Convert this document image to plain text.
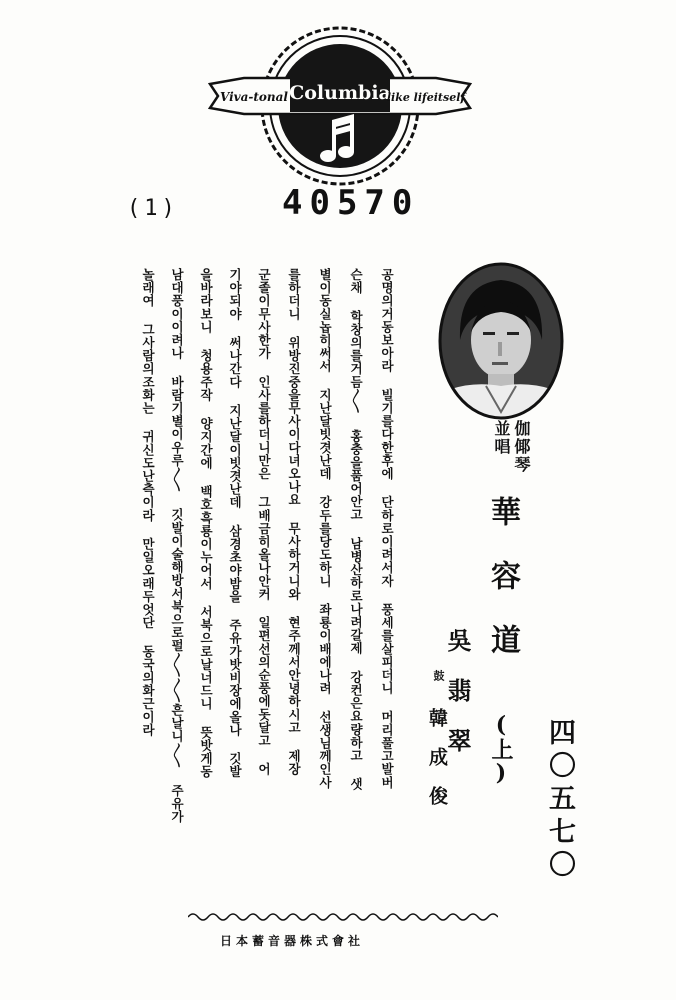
Columbia
Viva-tonal	like lifeitself
(1)	40570
공명의거동보아라 빌기를다한후에 단하로이려서자 풍세를살피더니 머리풀고발버
슨채 학창의를거듬〳〵 홍충을품어안고 남병산하로나려갈제 강컨은요량하고 샛
별이동실놉히써서 지난달빗겻난데 강두를당도하니 좌룡이배에나려 선생님께인사
를하더니 위방진중을무사이다녀오나요 무사하거니와 현주께서안녕하시고 제장
군졸이무사한가 인사를하더니만은 그배금히올나안커 일편선의순풍에돗달고 어
기야되야 써나간다 지난달이빗겻난데 삼경초야밤을 주유가밧비장에올나 깃발
을바라보니 청용주작 양지간에 백호흑룡이누어서 서북으로날너드니 뜻밧게동
남대풍이이려나 바람기별이우루〱 깃발이술해방서북으로펄〱〱흔날니〱 주유가
놀래여 그사람의조화는 귀신도난측이라 만일오래두엇단 동국의화근이라	伽倻琴
並唱
華容道
(上)
吳翡翠
鼓
韓成俊	四〇五七〇
日本蓄音器株式會社
